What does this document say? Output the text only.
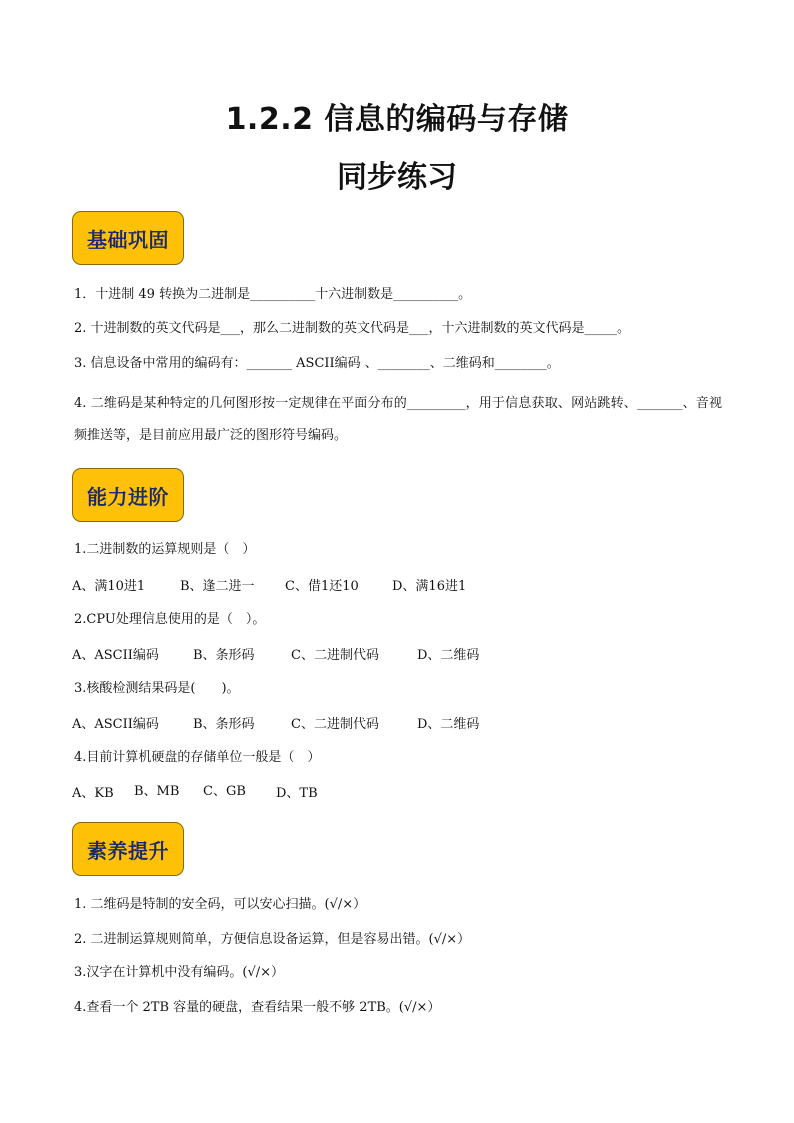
1.2.2 信息的编码与存储
同步练习
基础巩固
1．十进制 49 转换为二进制是__________十六进制数是__________。
2. 十进制数的英文代码是___，那么二进制数的英文代码是___，十六进制数的英文代码是_____。
3. 信息设备中常用的编码有：_______ ASCII编码 、________、二维码和________。
4. 二维码是某种特定的几何图形按一定规律在平面分布的_________，用于信息获取、网站跳转、_______、音视频推送等，是目前应用最广泛的图形符号编码。
能力进阶
1.二进制数的运算规则是（　）
A、满10进1	B、逢二进一 C、借1还10	D、满16进1
2.CPU处理信息使用的是（　）。
A、ASCII编码	B、条形码	C、二进制代码	D、二维码
3.核酸检测结果码是(　　)。
A、ASCII编码	B、条形码	C、二进制代码	D、二维码
4.目前计算机硬盘的存储单位一般是（　）
A、KB B、MB C、GB D、TB
素养提升
1. 二维码是特制的安全码，可以安心扫描。(√/×）
2. 二进制运算规则简单，方便信息设备运算，但是容易出错。(√/×）
3.汉字在计算机中没有编码。(√/×）
4.查看一个 2TB 容量的硬盘，查看结果一般不够 2TB。(√/×）
